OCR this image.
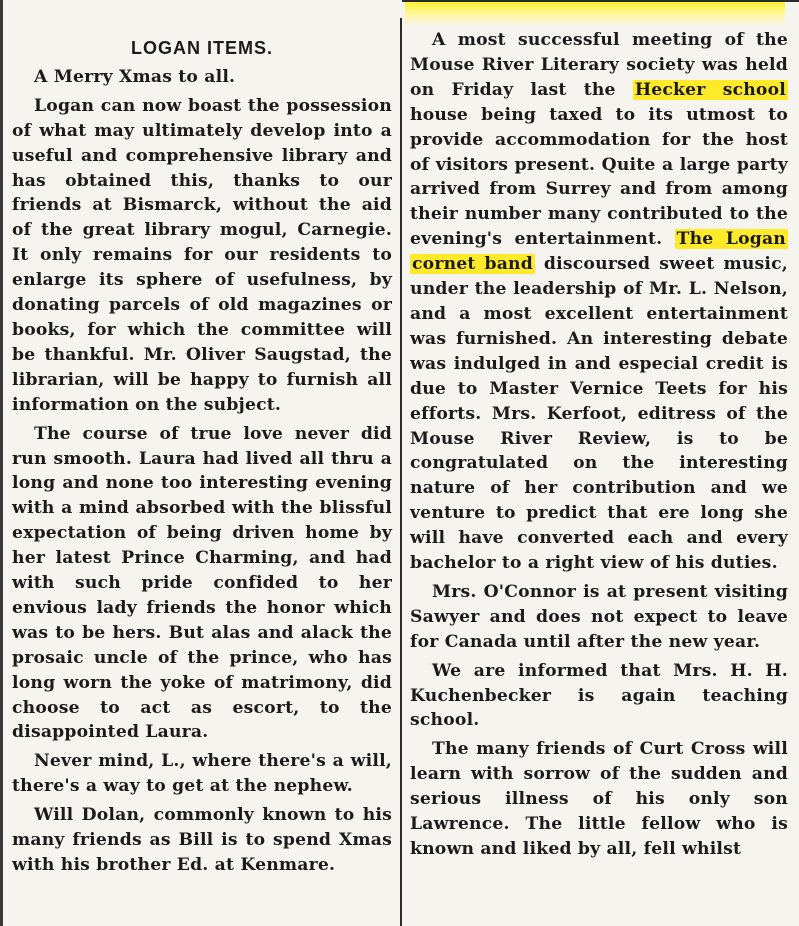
LOGAN ITEMS.

A Merry Xmas to all.

Logan can now boast the possession of what may ultimately develop into a useful and comprehensive library and has obtained this, thanks to our friends at Bismarck, without the aid of the great library mogul, Carnegie. It only remains for our residents to enlarge its sphere of usefulness, by donating parcels of old magazines or books, for which the committee will be thankful. Mr. Oliver Saugstad, the librarian, will be happy to furnish all information on the subject.

The course of true love never did run smooth. Laura had lived all thru a long and none too interesting evening with a mind absorbed with the blissful expectation of being driven home by her latest Prince Charming, and had with such pride confided to her envious lady friends the honor which was to be hers. But alas and alack the prosaic uncle of the prince, who has long worn the yoke of matrimony, did choose to act as escort, to the disappointed Laura.

Never mind, L., where there's a will, there's a way to get at the nephew.

Will Dolan, commonly known to his many friends as Bill is to spend Xmas with his brother Ed. at Kenmare.

A most successful meeting of the Mouse River Literary society was held on Friday last the Hecker school house being taxed to its utmost to provide accommodation for the host of visitors present. Quite a large party arrived from Surrey and from among their number many contributed to the evening's entertainment. The Logan cornet band discoursed sweet music, under the leadership of Mr. L. Nelson, and a most excellent entertainment was furnished. An interesting debate was indulged in and especial credit is due to Master Vernice Teets for his efforts. Mrs. Kerfoot, editress of the Mouse River Review, is to be congratulated on the interesting nature of her contribution and we venture to predict that ere long she will have converted each and every bachelor to a right view of his duties.

Mrs. O'Connor is at present visiting Sawyer and does not expect to leave for Canada until after the new year.

We are informed that Mrs. H. H. Kuchenbecker is again teaching school.

The many friends of Curt Cross will learn with sorrow of the sudden and serious illness of his only son Lawrence. The little fellow who is known and liked by all, fell whilst
